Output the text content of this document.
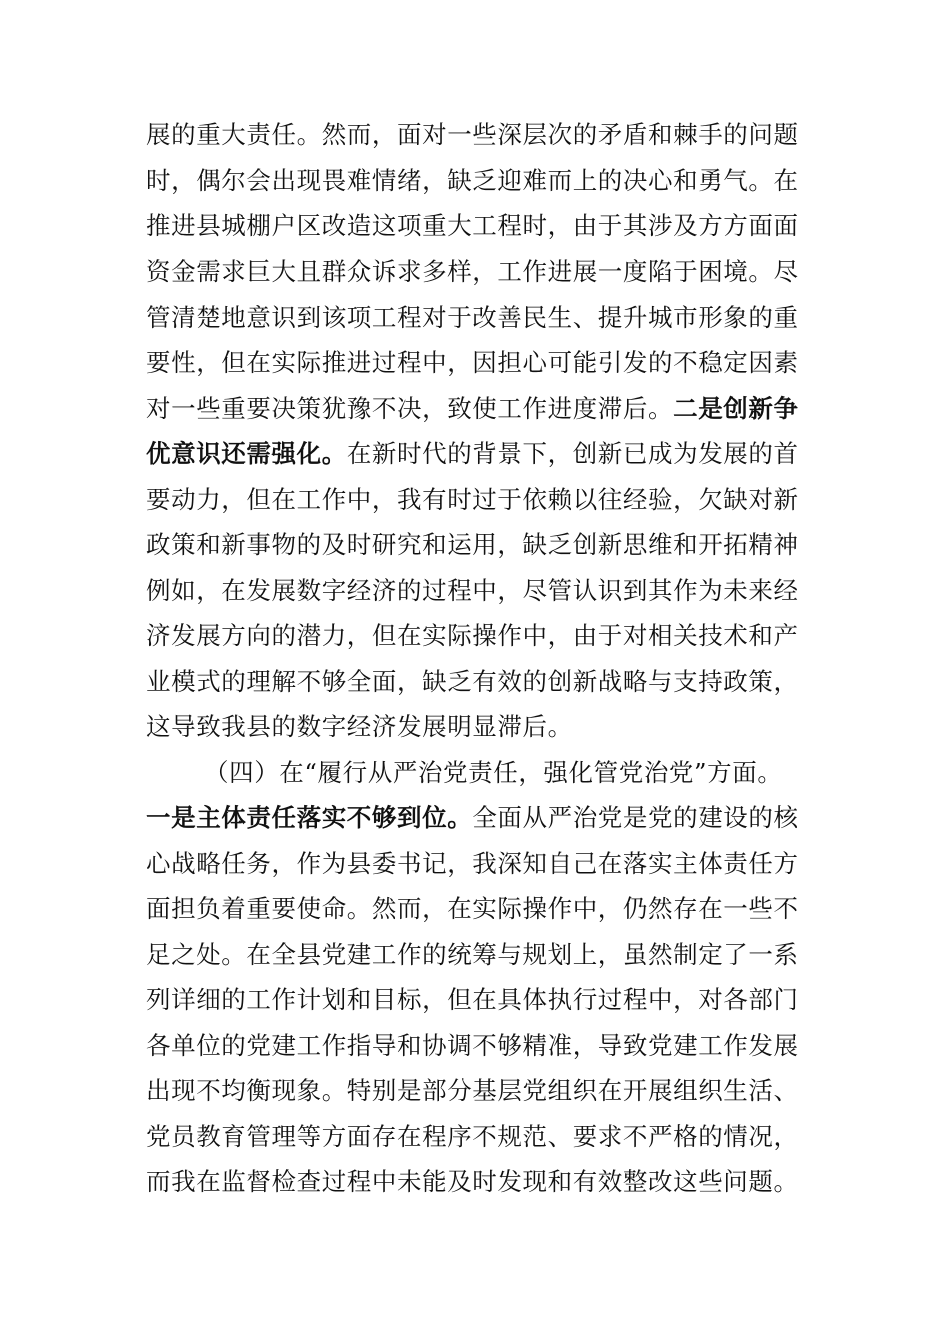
展的重大责任。然而，面对一些深层次的矛盾和棘手的问题
时，偶尔会出现畏难情绪，缺乏迎难而上的决心和勇气。在
推进县城棚户区改造这项重大工程时，由于其涉及方方面面
资金需求巨大且群众诉求多样，工作进展一度陷于困境。尽
管清楚地意识到该项工程对于改善民生、提升城市形象的重
要性，但在实际推进过程中，因担心可能引发的不稳定因素
对一些重要决策犹豫不决，致使工作进度滞后。二是创新争
优意识还需强化。在新时代的背景下，创新已成为发展的首
要动力，但在工作中，我有时过于依赖以往经验，欠缺对新
政策和新事物的及时研究和运用，缺乏创新思维和开拓精神
例如，在发展数字经济的过程中，尽管认识到其作为未来经
济发展方向的潜力，但在实际操作中，由于对相关技术和产
业模式的理解不够全面，缺乏有效的创新战略与支持政策，
这导致我县的数字经济发展明显滞后。
（四）在“履行从严治党责任，强化管党治党”方面。
一是主体责任落实不够到位。全面从严治党是党的建设的核
心战略任务，作为县委书记，我深知自己在落实主体责任方
面担负着重要使命。然而，在实际操作中，仍然存在一些不
足之处。在全县党建工作的统筹与规划上，虽然制定了一系
列详细的工作计划和目标，但在具体执行过程中，对各部门
各单位的党建工作指导和协调不够精准，导致党建工作发展
出现不均衡现象。特别是部分基层党组织在开展组织生活、
党员教育管理等方面存在程序不规范、要求不严格的情况，
而我在监督检查过程中未能及时发现和有效整改这些问题。
